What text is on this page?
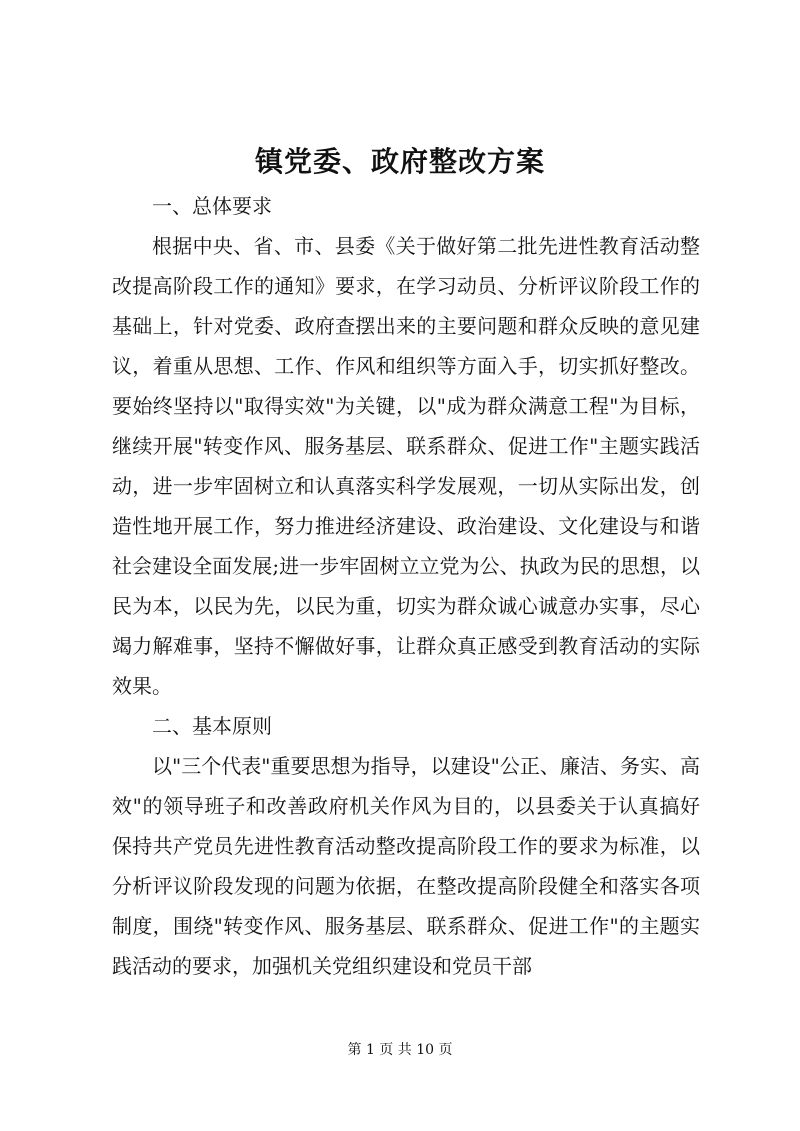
镇党委、政府整改方案

一、总体要求

根据中央、省、市、县委《关于做好第二批先进性教育活动整改提高阶段工作的通知》要求，在学习动员、分析评议阶段工作的基础上，针对党委、政府查摆出来的主要问题和群众反映的意见建议，着重从思想、工作、作风和组织等方面入手，切实抓好整改。要始终坚持以"取得实效"为关键，以"成为群众满意工程"为目标，继续开展"转变作风、服务基层、联系群众、促进工作"主题实践活动，进一步牢固树立和认真落实科学发展观，一切从实际出发，创造性地开展工作，努力推进经济建设、政治建设、文化建设与和谐社会建设全面发展;进一步牢固树立立党为公、执政为民的思想，以民为本，以民为先，以民为重，切实为群众诚心诚意办实事，尽心竭力解难事，坚持不懈做好事，让群众真正感受到教育活动的实际效果。

二、基本原则

以"三个代表"重要思想为指导，以建设"公正、廉洁、务实、高效"的领导班子和改善政府机关作风为目的，以县委关于认真搞好保持共产党员先进性教育活动整改提高阶段工作的要求为标准，以分析评议阶段发现的问题为依据，在整改提高阶段健全和落实各项制度，围绕"转变作风、服务基层、联系群众、促进工作"的主题实践活动的要求，加强机关党组织建设和党员干部

第 1 页 共 10 页
